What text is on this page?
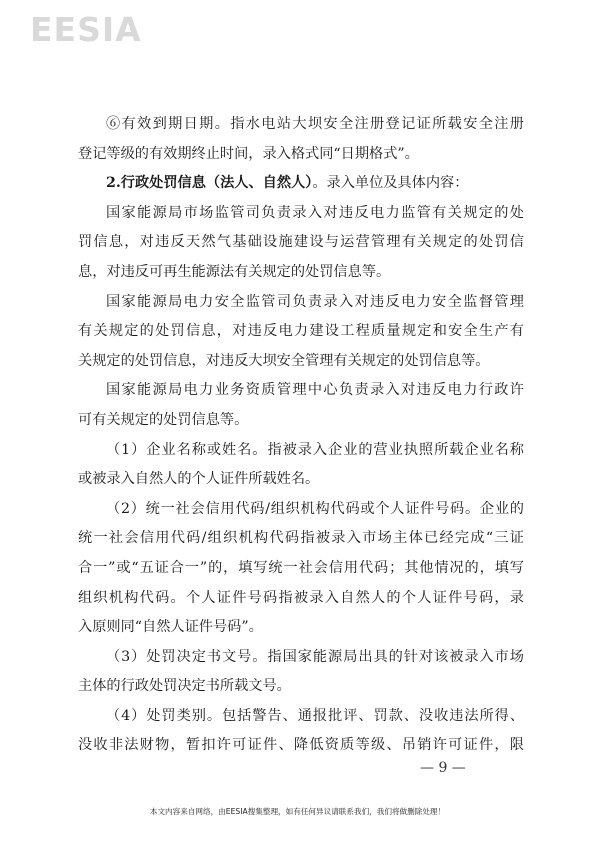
EESIA
⑥有效到期日期。指水电站大坝安全注册登记证所载安全注册
登记等级的有效期终止时间，录入格式同“日期格式”。
2.行政处罚信息（法人、自然人）。录入单位及具体内容：
国家能源局市场监管司负责录入对违反电力监管有关规定的处
罚信息，对违反天然气基础设施建设与运营管理有关规定的处罚信
息，对违反可再生能源法有关规定的处罚信息等。
国家能源局电力安全监管司负责录入对违反电力安全监督管理
有关规定的处罚信息，对违反电力建设工程质量规定和安全生产有
关规定的处罚信息，对违反大坝安全管理有关规定的处罚信息等。
国家能源局电力业务资质管理中心负责录入对违反电力行政许
可有关规定的处罚信息等。
（1）企业名称或姓名。指被录入企业的营业执照所载企业名称
或被录入自然人的个人证件所载姓名。
（2）统一社会信用代码/组织机构代码或个人证件号码。企业的
统一社会信用代码/组织机构代码指被录入市场主体已经完成“三证
合一”或“五证合一”的，填写统一社会信用代码；其他情况的，填写
组织机构代码。个人证件号码指被录入自然人的个人证件号码，录
入原则同“自然人证件号码”。
（3）处罚决定书文号。指国家能源局出具的针对该被录入市场
主体的行政处罚决定书所载文号。
（4）处罚类别。包括警告、通报批评、罚款、没收违法所得、
没收非法财物，暂扣许可证件、降低资质等级、吊销许可证件，限
— 9 —
本文内容来自网络，由EESIA搜集整理，如有任何异议请联系我们，我们将做删除处理！
